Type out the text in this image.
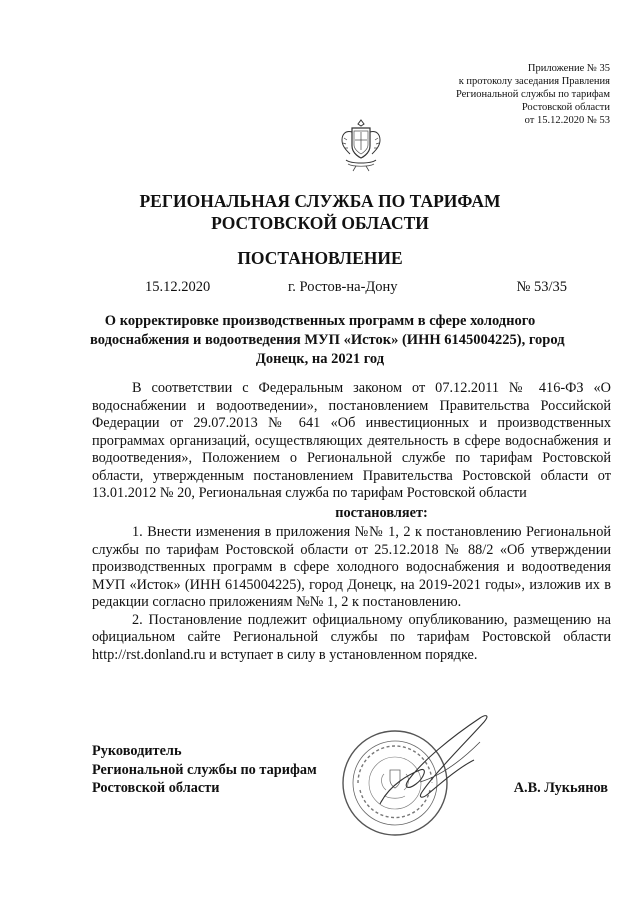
Приложение № 35
к протоколу заседания Правления
Региональной службы по тарифам
Ростовской области
от 15.12.2020 № 53
РЕГИОНАЛЬНАЯ СЛУЖБА ПО ТАРИФАМ
РОСТОВСКОЙ ОБЛАСТИ
ПОСТАНОВЛЕНИЕ
15.12.2020	г. Ростов-на-Дону	№ 53/35
О корректировке производственных программ в сфере холодного
водоснабжения и водоотведения МУП «Исток» (ИНН 6145004225), город
Донецк, на 2021 год

В соответствии с Федеральным законом от 07.12.2011 № 416-ФЗ «О водоснабжении и водоотведении», постановлением Правительства Российской Федерации от 29.07.2013 № 641 «Об инвестиционных и производственных программах организаций, осуществляющих деятельность в сфере водоснабжения и водоотведения», Положением о Региональной службе по тарифам Ростовской области, утвержденным постановлением Правительства Ростовской области от 13.01.2012 № 20, Региональная служба по тарифам Ростовской области

постановляет:

1. Внести изменения в приложения №№ 1, 2 к постановлению Региональной службы по тарифам Ростовской области от 25.12.2018 № 88/2 «Об утверждении производственных программ в сфере холодного водоснабжения и водоотведения МУП «Исток» (ИНН 6145004225), город Донецк, на 2019-2021 годы», изложив их в редакции согласно приложениям №№ 1, 2 к постановлению.

2. Постановление подлежит официальному опубликованию, размещению на официальном сайте Региональной службы по тарифам Ростовской области http://rst.donland.ru и вступает в силу в установленном порядке.

Руководитель
Региональной службы по тарифам
Ростовской области	А.В. Лукьянов
